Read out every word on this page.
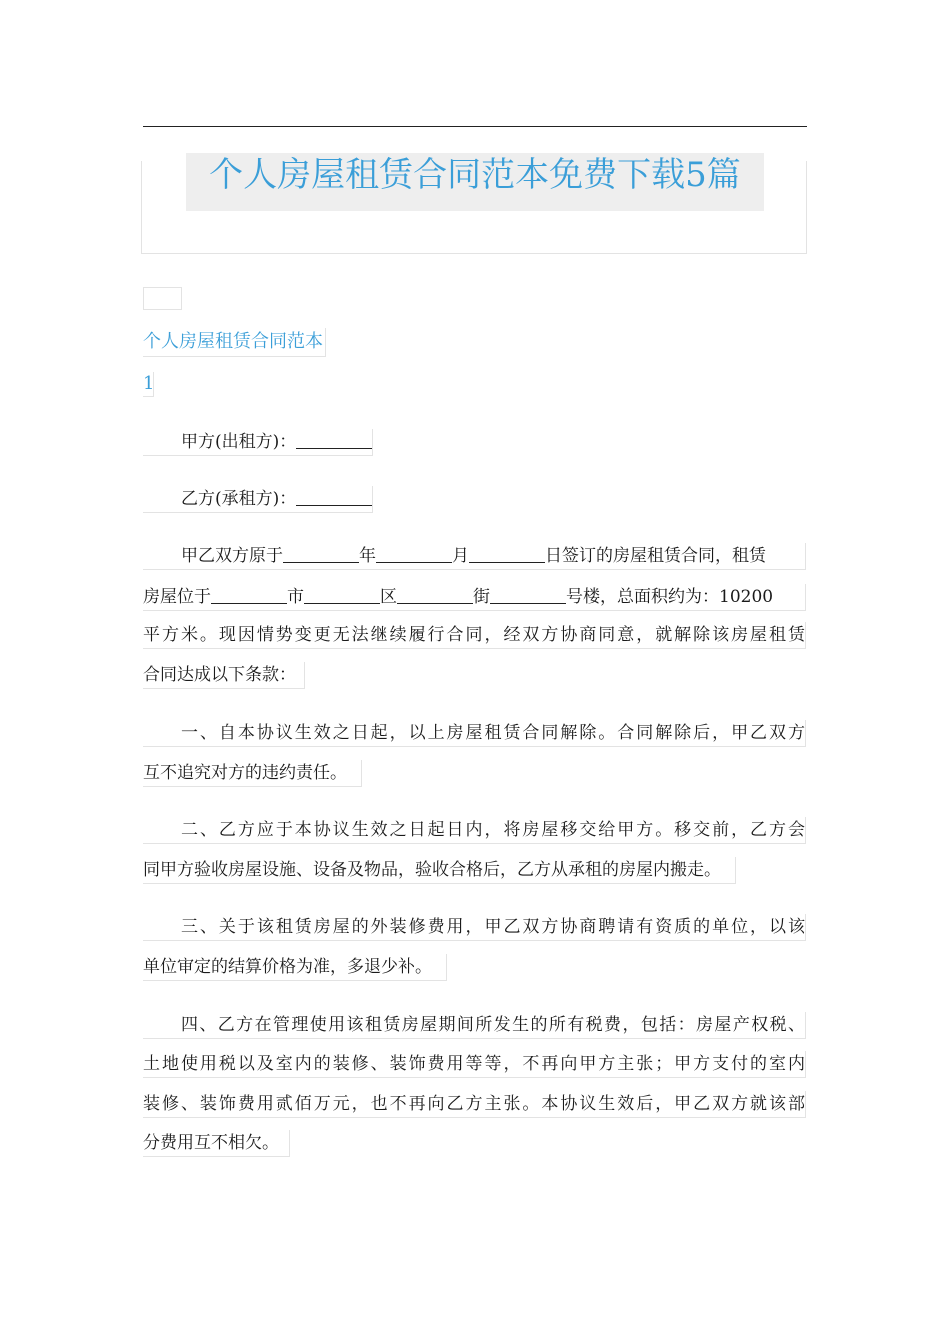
个人房屋租赁合同范本免费下载5篇
个人房屋租赁合同范本
1
甲方(出租方)：
乙方(承租方)：
甲乙双方原于	年	月	日签订的房屋租赁合同，租赁
房屋位于	市	区	街	号楼，总面积约为：10200
平方米。现因情势变更无法继续履行合同，经双方协商同意，就解除该房屋租赁
合同达成以下条款：
一、自本协议生效之日起，以上房屋租赁合同解除。合同解除后，甲乙双方
互不追究对方的违约责任。
二、乙方应于本协议生效之日起日内，将房屋移交给甲方。移交前，乙方会
同甲方验收房屋设施、设备及物品，验收合格后，乙方从承租的房屋内搬走。
三、关于该租赁房屋的外装修费用，甲乙双方协商聘请有资质的单位，以该
单位审定的结算价格为准，多退少补。
四、乙方在管理使用该租赁房屋期间所发生的所有税费，包括：房屋产权税、
土地使用税以及室内的装修、装饰费用等等，不再向甲方主张；甲方支付的室内
装修、装饰费用贰佰万元，也不再向乙方主张。本协议生效后，甲乙双方就该部
分费用互不相欠。
